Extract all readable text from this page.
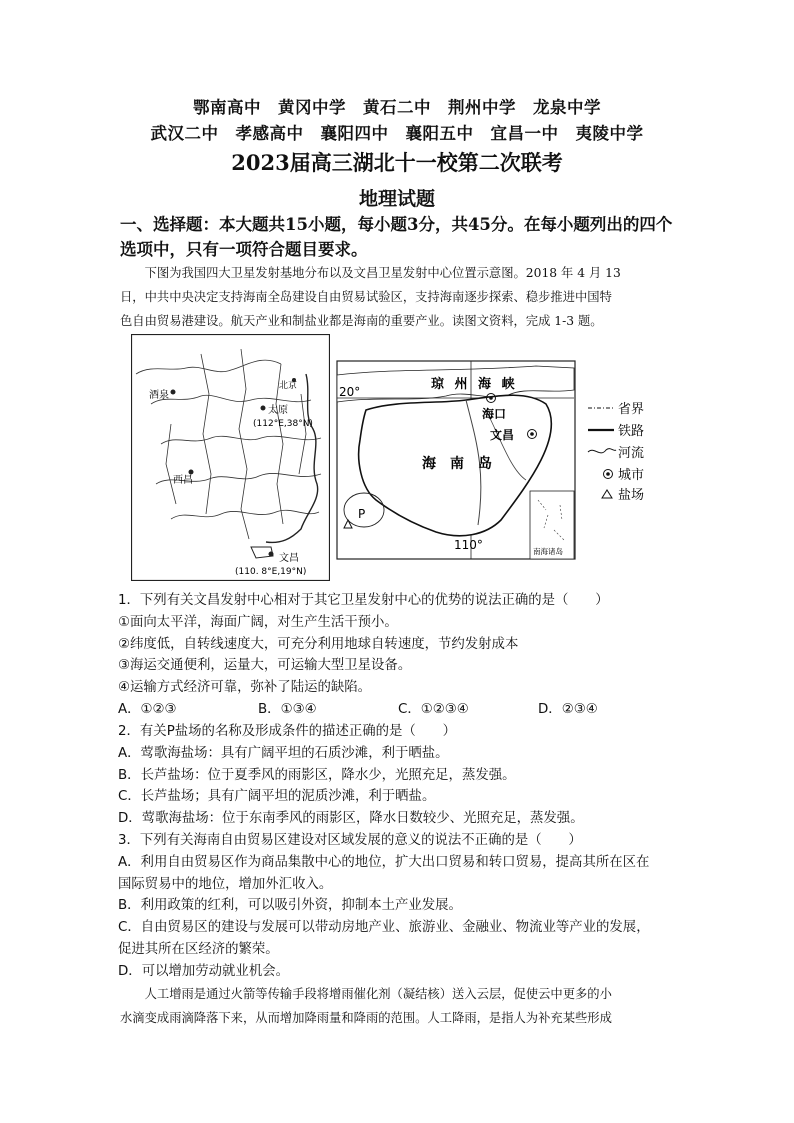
鄂南高中　黄冈中学　黄石二中　荆州中学　龙泉中学
武汉二中　孝感高中　襄阳四中　襄阳五中　宜昌一中　夷陵中学
2023届高三湖北十一校第二次联考
地理试题
一、选择题：本大题共15小题，每小题3分，共45分。在每小题列出的四个
选项中，只有一项符合题目要求。
下图为我国四大卫星发射基地分布以及文昌卫星发射中心位置示意图。2018 年 4 月 13
日，中共中央决定支持海南全岛建设自由贸易试验区，支持海南逐步探索、稳步推进中国特
色自由贸易港建设。航天产业和制盐业都是海南的重要产业。读图文资料，完成 1-3 题。
酒泉
北京
太原
(112°E,38°N)
西昌
文昌
(110. 8°E,19°N)
琼 州 海 峡
20°
110°
海口
文昌
海　南　岛
P
南海诸岛
省界
铁路
河流
城市
盐场
1．下列有关文昌发射中心相对于其它卫星发射中心的优势的说法正确的是（　　）
①面向太平洋，海面广阔，对生产生活干预小。
②纬度低，自转线速度大，可充分利用地球自转速度，节约发射成本
③海运交通便利，运量大，可运输大型卫星设备。
④运输方式经济可靠，弥补了陆运的缺陷。
A．①②③	B．①③④	C．①②③④	D．②③④
2．有关P盐场的名称及形成条件的描述正确的是（　　）
A．莺歌海盐场：具有广阔平坦的石质沙滩，利于晒盐。
B．长芦盐场：位于夏季风的雨影区，降水少，光照充足，蒸发强。
C．长芦盐场；具有广阔平坦的泥质沙滩，利于晒盐。
D．莺歌海盐场：位于东南季风的雨影区，降水日数较少、光照充足，蒸发强。
3．下列有关海南自由贸易区建设对区域发展的意义的说法不正确的是（　　）
A．利用自由贸易区作为商品集散中心的地位，扩大出口贸易和转口贸易，提高其所在区在
国际贸易中的地位，增加外汇收入。
B．利用政策的红利，可以吸引外资，抑制本土产业发展。
C．自由贸易区的建设与发展可以带动房地产业、旅游业、金融业、物流业等产业的发展，
促进其所在区经济的繁荣。
D．可以增加劳动就业机会。
人工增雨是通过火箭等传输手段将增雨催化剂（凝结核）送入云层，促使云中更多的小
水滴变成雨滴降落下来，从而增加降雨量和降雨的范围。人工降雨，是指人为补充某些形成
